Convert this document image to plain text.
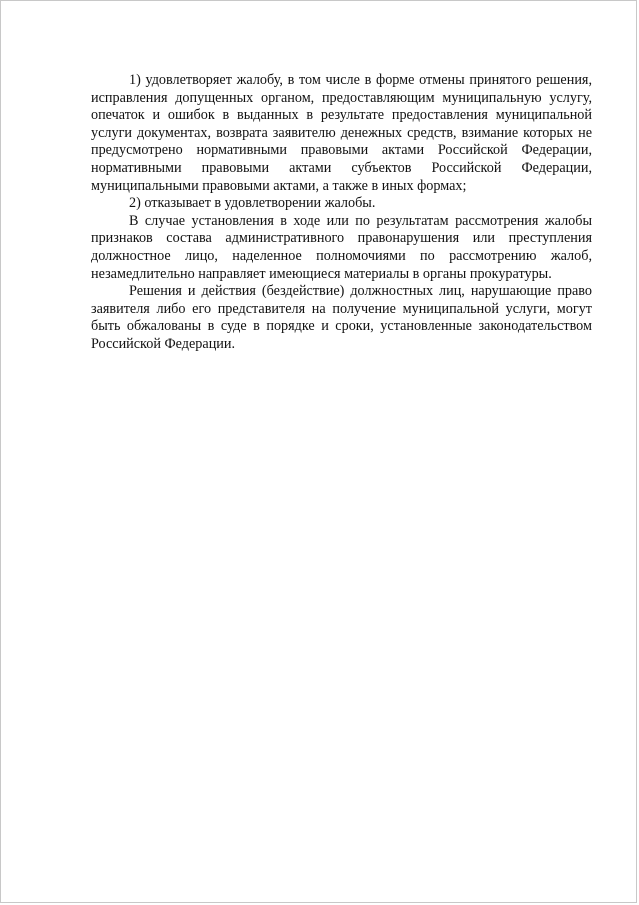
1) удовлетворяет жалобу, в том числе в форме отмены принятого решения, исправления допущенных органом, предоставляющим муниципальную услугу, опечаток и ошибок в выданных в результате предоставления муниципальной услуги документах, возврата заявителю денежных средств, взимание которых не предусмотрено нормативными правовыми актами Российской Федерации, нормативными правовыми актами субъектов Российской Федерации, муниципальными правовыми актами, а также в иных формах;

2) отказывает в удовлетворении жалобы.

В случае установления в ходе или по результатам рассмотрения жалобы признаков состава административного правонарушения или преступления должностное лицо, наделенное полномочиями по рассмотрению жалоб, незамедлительно направляет имеющиеся материалы в органы прокуратуры.

Решения и действия (бездействие) должностных лиц, нарушающие право заявителя либо его представителя на получение муниципальной услуги, могут быть обжалованы в суде в порядке и сроки, установленные законодательством Российской Федерации.
